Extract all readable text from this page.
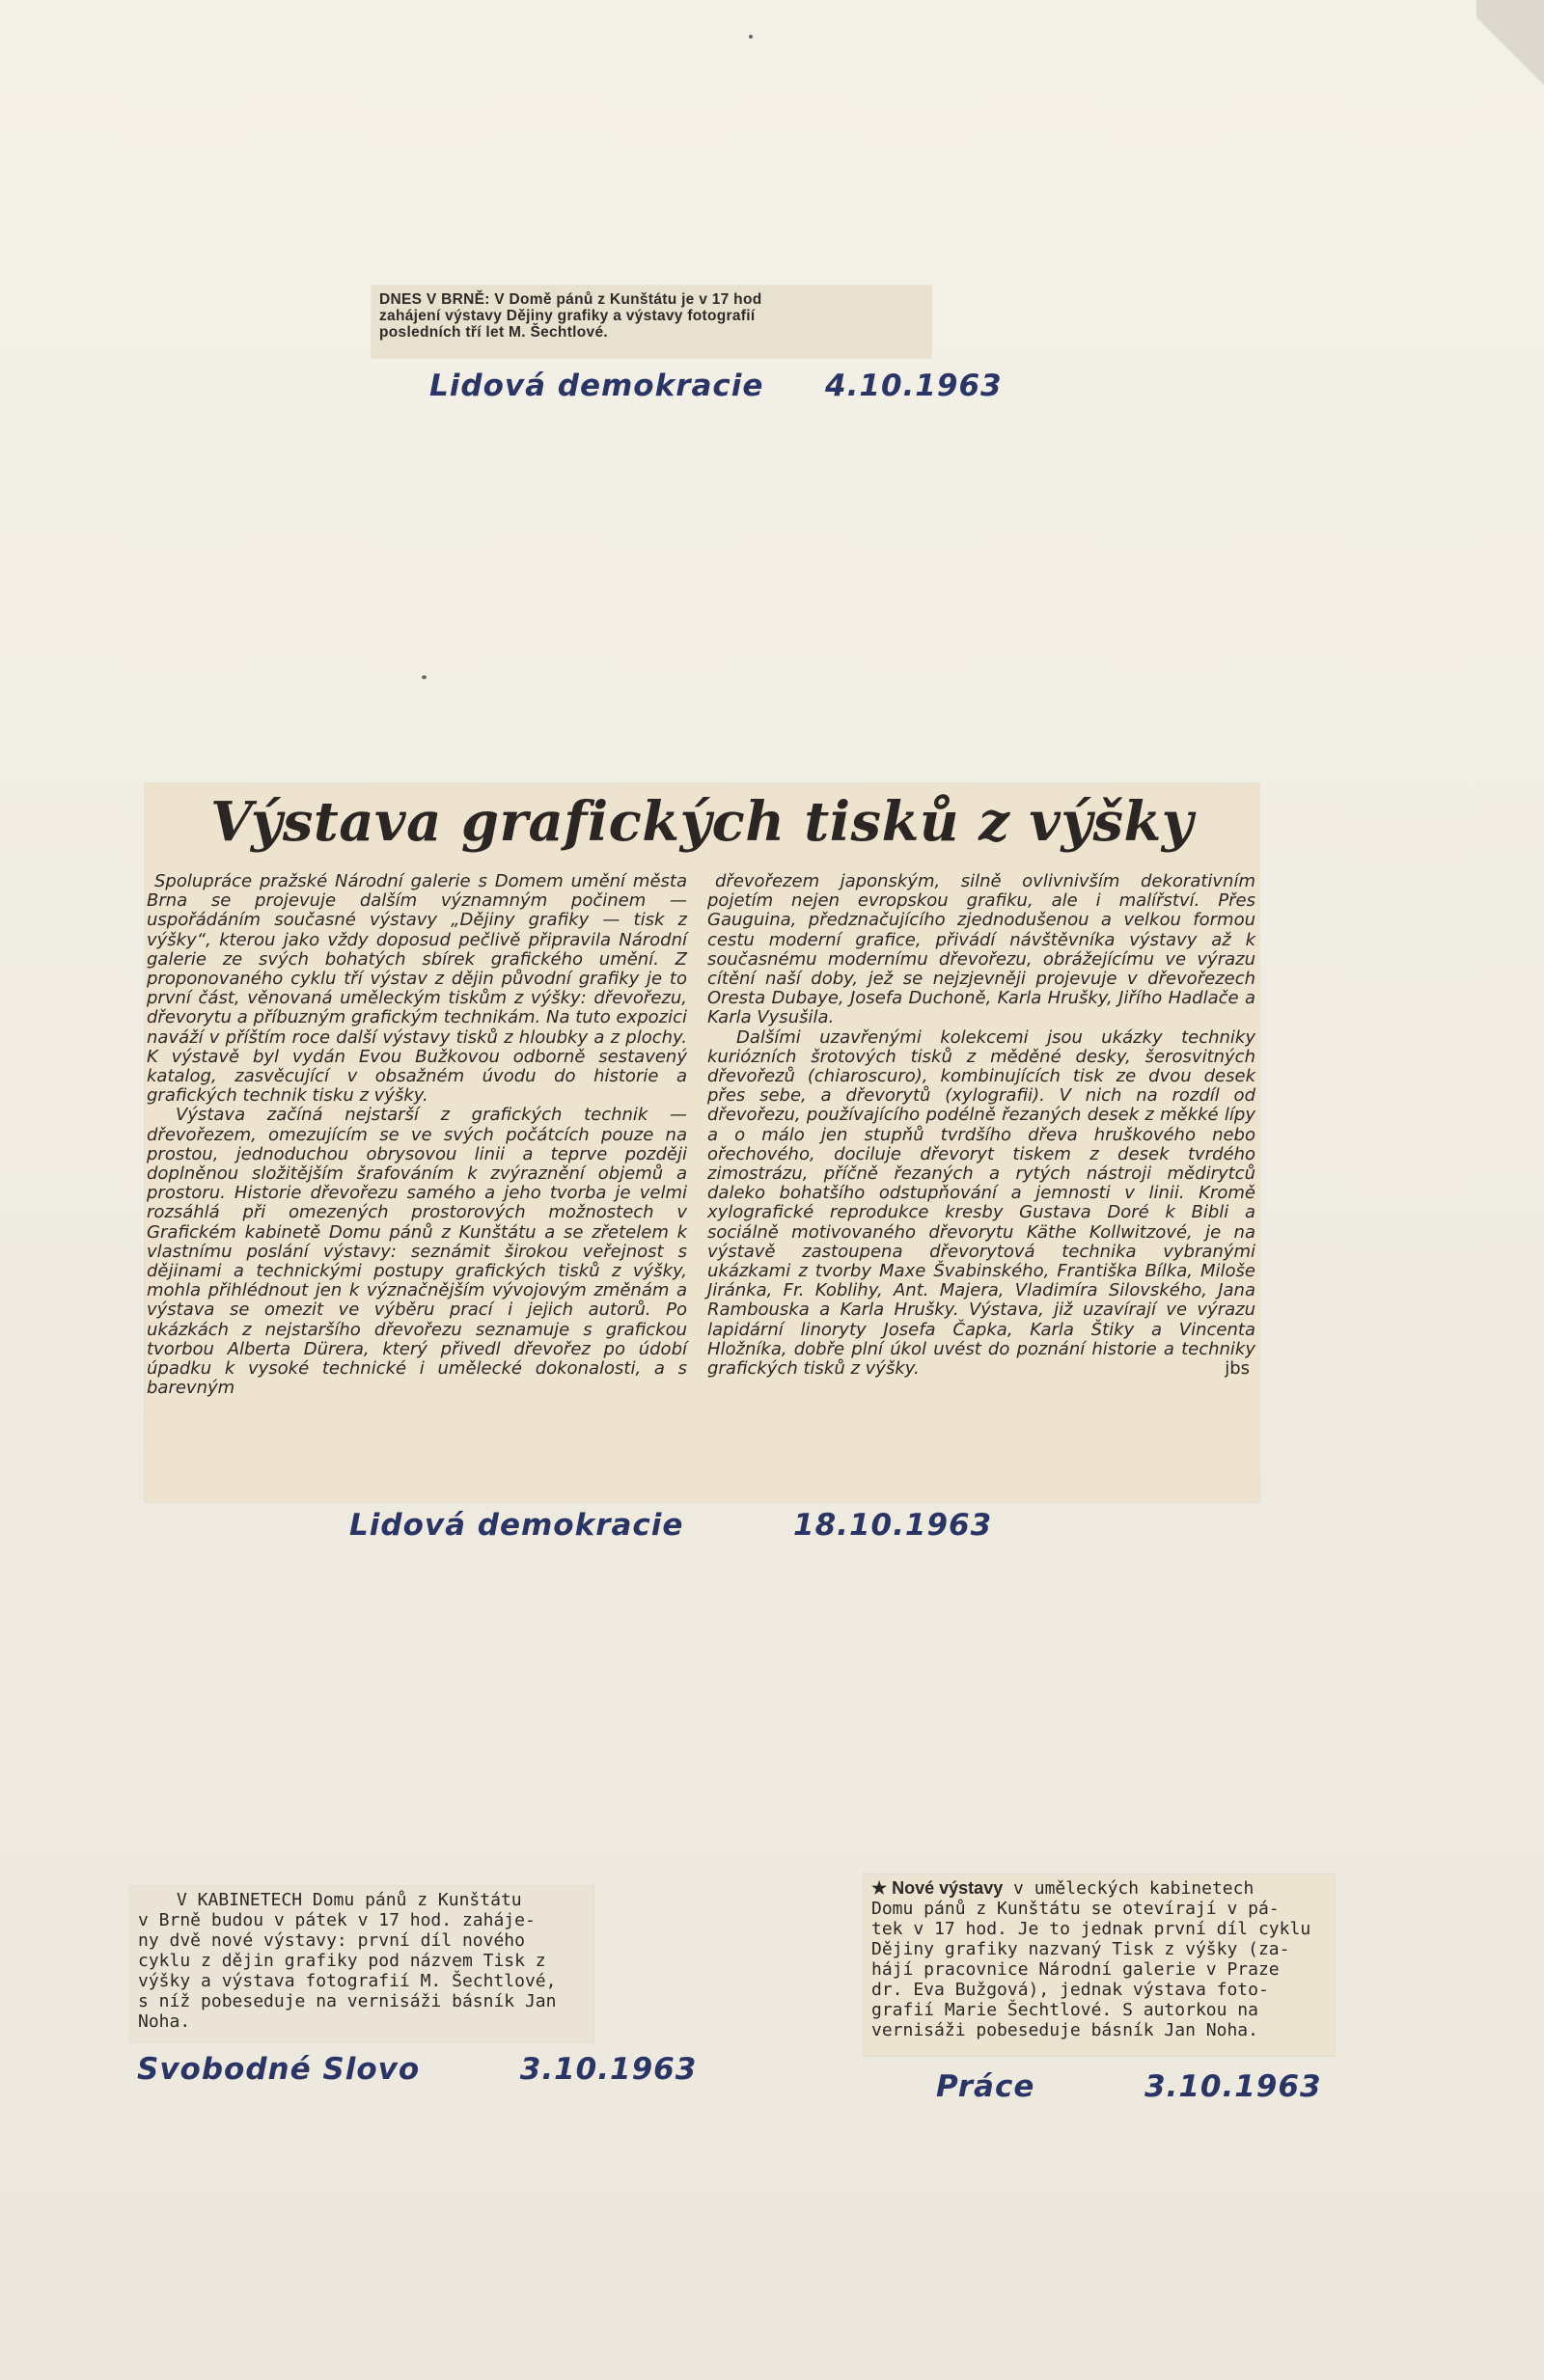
DNES V BRNĚ: V Domě pánů z Kunštátu je v 17 hod

zahájení výstavy Dějiny grafiky a výstavy fotografií

posledních tří let M. Šechtlové.

Lidová demokracie 4.10.1963
Výstava grafických tisků z výšky

Spolupráce pražské Národní galerie s Domem umění města Brna se projevuje dalším významným počinem — uspořádáním současné výstavy „Dějiny grafiky — tisk z výšky“, kterou jako vždy doposud pečlivě připravila Národní galerie ze svých bohatých sbírek grafického umění. Z proponovaného cyklu tří výstav z dějin původní grafiky je to první část, věnovaná uměleckým tiskům z výšky: dřevořezu, dřevorytu a příbuzným grafickým technikám. Na tuto expozici naváží v příštím roce další výstavy tisků z hloubky a z plochy. K výstavě byl vydán Evou Bužkovou odborně sestavený katalog, zasvěcující v obsažném úvodu do historie a grafických technik tisku z výšky.

Výstava začíná nejstarší z grafických technik — dřevořezem, omezujícím se ve svých počátcích pouze na prostou, jednoduchou obrysovou linii a teprve později doplněnou složitějším šrafováním k zvýraznění objemů a prostoru. Historie dřevořezu samého a jeho tvorba je velmi rozsáhlá při omezených prostorových možnostech v Grafickém kabinetě Domu pánů z Kunštátu a se zřetelem k vlastnímu poslání výstavy: seznámit širokou veřejnost s dějinami a technickými postupy grafických tisků z výšky, mohla přihlédnout jen k význačnějším vývojovým změnám a výstava se omezit ve výběru prací i jejich autorů. Po ukázkách z nejstaršího dřevořezu seznamuje s grafickou tvorbou Alberta Dürera, který přivedl dřevořez po údobí úpadku k vysoké technické i umělecké dokonalosti, a s barevným

dřevořezem japonským, silně ovlivnivším dekorativním pojetím nejen evropskou grafiku, ale i malířství. Přes Gauguina, předznačujícího zjednodušenou a velkou formou cestu moderní grafice, přivádí návštěvníka výstavy až k současnému modernímu dřevořezu, obrážejícímu ve výrazu cítění naší doby, jež se nejzjevněji projevuje v dřevořezech Oresta Dubaye, Josefa Duchoně, Karla Hrušky, Jiřího Hadlače a Karla Vysušila.

Dalšími uzavřenými kolekcemi jsou ukázky techniky kuriózních šrotových tisků z měděné desky, šerosvitných dřevořezů (chiaroscuro), kombinujících tisk ze dvou desek přes sebe, a dřevorytů (xylografii). V nich na rozdíl od dřevořezu, používajícího podélně řezaných desek z měkké lípy a o málo jen stupňů tvrdšího dřeva hruškového nebo ořechového, dociluje dřevoryt tiskem z desek tvrdého zimostrázu, příčně řezaných a rytých nástroji mědirytců daleko bohatšího odstupňování a jemnosti v linii. Kromě xylografické reprodukce kresby Gustava Doré k Bibli a sociálně motivovaného dřevorytu Käthe Kollwitzové, je na výstavě zastoupena dřevorytová technika vybranými ukázkami z tvorby Maxe Švabinského, Františka Bílka, Miloše Jiránka, Fr. Koblihy, Ant. Majera, Vladimíra Silovského, Jana Rambouska a Karla Hrušky. Výstava, již uzavírají ve výrazu lapidární linoryty Josefa Čapka, Karla Štiky a Vincenta Hložníka, dobře plní úkol uvést do poznání historie a techniky grafických tisků z výšky.	jbs

Lidová demokracie	18.10.1963

V KABINETECH Domu pánů z Kunštátu

v Brně budou v pátek v 17 hod. zaháje-

ny dvě nové výstavy: první díl nového

cyklu z dějin grafiky pod názvem Tisk z

výšky a výstava fotografií M. Šechtlové,

s níž pobeseduje na vernisáži básník Jan

Noha.

Svobodné Slovo	3.10.1963

★ Nové výstavy v uměleckých kabinetech

Domu pánů z Kunštátu se otevírají v pá-

tek v 17 hod. Je to jednak první díl cyklu

Dějiny grafiky nazvaný Tisk z výšky (za-

hájí pracovnice Národní galerie v Praze

dr. Eva Bužgová), jednak výstava foto-

grafií Marie Šechtlové. S autorkou na

vernisáži pobeseduje básník Jan Noha.

Práce	3.10.1963
